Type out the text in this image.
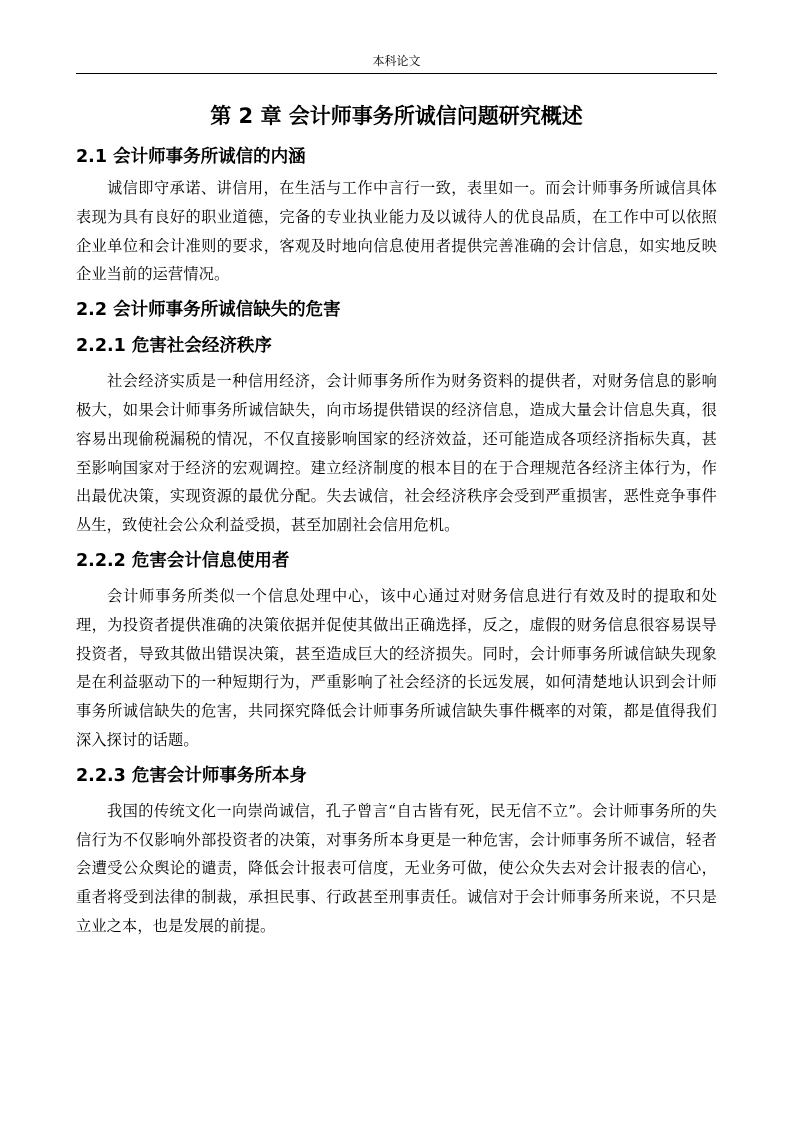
本科论文
第 2 章 会计师事务所诚信问题研究概述
2.1 会计师事务所诚信的内涵

诚信即守承诺、讲信用，在生活与工作中言行一致，表里如一。而会计师事务所诚信具体表现为具有良好的职业道德，完备的专业执业能力及以诚待人的优良品质，在工作中可以依照企业单位和会计准则的要求，客观及时地向信息使用者提供完善准确的会计信息，如实地反映企业当前的运营情况。

2.2 会计师事务所诚信缺失的危害
2.2.1 危害社会经济秩序

社会经济实质是一种信用经济，会计师事务所作为财务资料的提供者，对财务信息的影响极大，如果会计师事务所诚信缺失，向市场提供错误的经济信息，造成大量会计信息失真，很容易出现偷税漏税的情况，不仅直接影响国家的经济效益，还可能造成各项经济指标失真，甚至影响国家对于经济的宏观调控。建立经济制度的根本目的在于合理规范各经济主体行为，作出最优决策，实现资源的最优分配。失去诚信，社会经济秩序会受到严重损害，恶性竞争事件丛生，致使社会公众利益受损，甚至加剧社会信用危机。

2.2.2 危害会计信息使用者

会计师事务所类似一个信息处理中心，该中心通过对财务信息进行有效及时的提取和处理，为投资者提供准确的决策依据并促使其做出正确选择，反之，虚假的财务信息很容易误导投资者，导致其做出错误决策，甚至造成巨大的经济损失。同时，会计师事务所诚信缺失现象是在利益驱动下的一种短期行为，严重影响了社会经济的长远发展，如何清楚地认识到会计师事务所诚信缺失的危害，共同探究降低会计师事务所诚信缺失事件概率的对策，都是值得我们深入探讨的话题。

2.2.3 危害会计师事务所本身

我国的传统文化一向崇尚诚信，孔子曾言“自古皆有死，民无信不立”。会计师事务所的失信行为不仅影响外部投资者的决策，对事务所本身更是一种危害，会计师事务所不诚信，轻者会遭受公众舆论的谴责，降低会计报表可信度，无业务可做，使公众失去对会计报表的信心，重者将受到法律的制裁，承担民事、行政甚至刑事责任。诚信对于会计师事务所来说，不只是立业之本，也是发展的前提。
